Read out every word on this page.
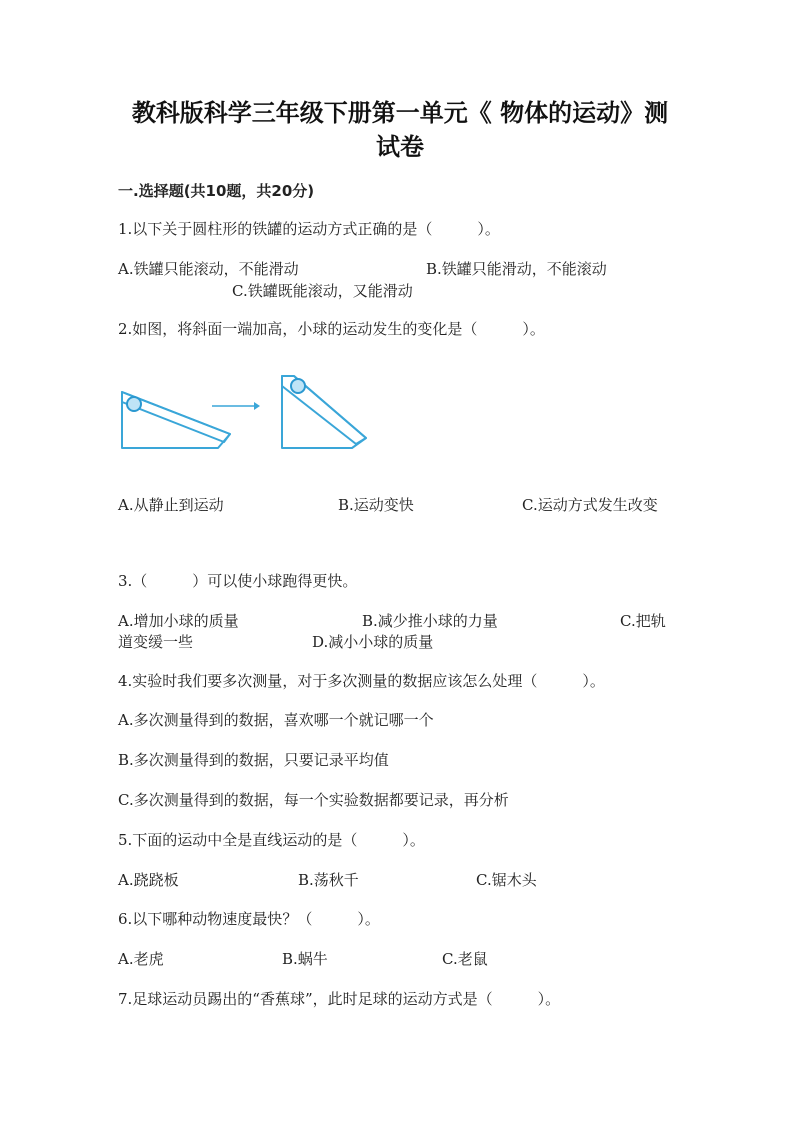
教科版科学三年级下册第一单元《 物体的运动》测
试卷
一.选择题(共10题，共20分)
1.以下关于圆柱形的铁罐的运动方式正确的是（　　　）。
A.铁罐只能滚动，不能滑动	B.铁罐只能滑动，不能滚动
C.铁罐既能滚动，又能滑动
2.如图，将斜面一端加高，小球的运动发生的变化是（　　　）。
A.从静止到运动	B.运动变快	C.运动方式发生改变
3.（　　　）可以使小球跑得更快。
A.增加小球的质量	B.减少推小球的力量	C.把轨
道变缓一些	D.减小小球的质量
4.实验时我们要多次测量，对于多次测量的数据应该怎么处理（　　　）。
A.多次测量得到的数据，喜欢哪一个就记哪一个
B.多次测量得到的数据，只要记录平均值
C.多次测量得到的数据，每一个实验数据都要记录，再分析
5.下面的运动中全是直线运动的是（　　　）。
A.跷跷板	B.荡秋千	C.锯木头
6.以下哪种动物速度最快？（　　　）。
A.老虎	B.蜗牛	C.老鼠
7.足球运动员踢出的“香蕉球”，此时足球的运动方式是（　　　）。
